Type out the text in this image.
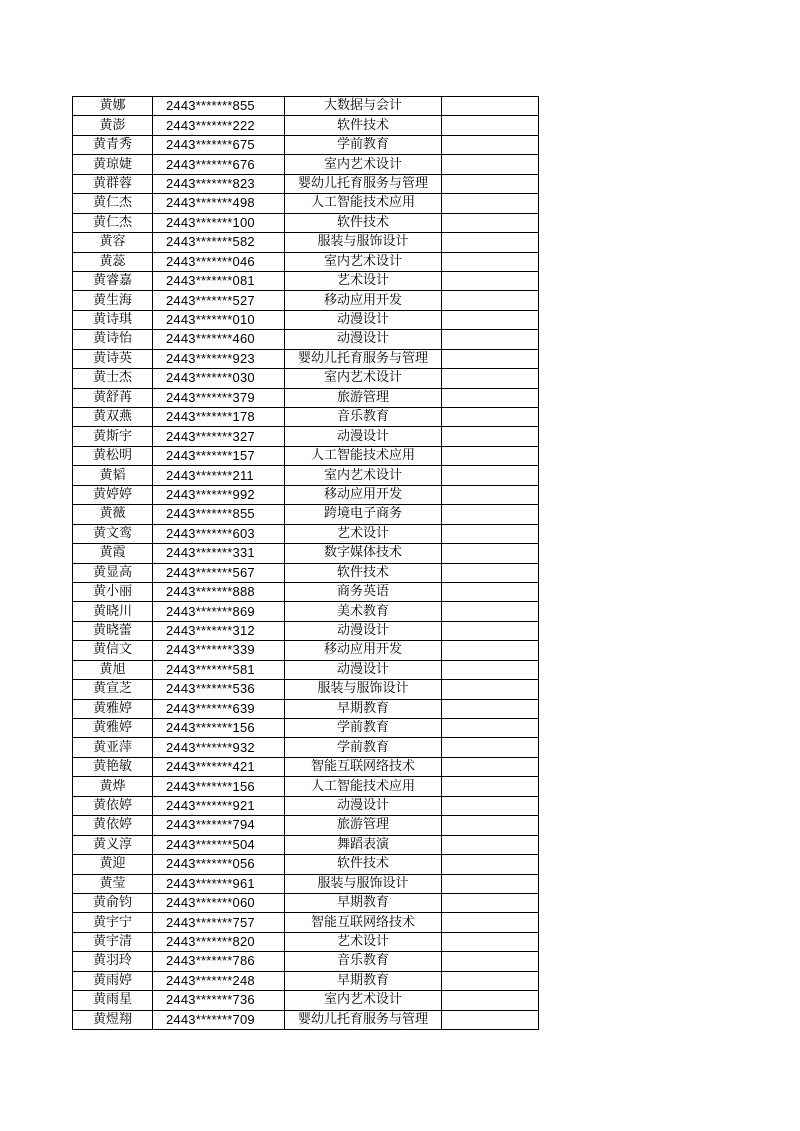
黄娜	2443*******855	大数据与会计	
黄澎	2443*******222	软件技术	
黄青秀	2443*******675	学前教育	
黄琼婕	2443*******676	室内艺术设计	
黄群蓉	2443*******823	婴幼儿托育服务与管理	
黄仁杰	2443*******498	人工智能技术应用	
黄仁杰	2443*******100	软件技术	
黄容	2443*******582	服装与服饰设计	
黄蕊	2443*******046	室内艺术设计	
黄睿嘉	2443*******081	艺术设计	
黄生海	2443*******527	移动应用开发	
黄诗琪	2443*******010	动漫设计	
黄诗怡	2443*******460	动漫设计	
黄诗英	2443*******923	婴幼儿托育服务与管理	
黄士杰	2443*******030	室内艺术设计	
黄舒苒	2443*******379	旅游管理	
黄双燕	2443*******178	音乐教育	
黄斯宇	2443*******327	动漫设计	
黄松明	2443*******157	人工智能技术应用	
黄韬	2443*******211	室内艺术设计	
黄婷婷	2443*******992	移动应用开发	
黄薇	2443*******855	跨境电子商务	
黄文鸾	2443*******603	艺术设计	
黄霞	2443*******331	数字媒体技术	
黄显高	2443*******567	软件技术	
黄小丽	2443*******888	商务英语	
黄晓川	2443*******869	美术教育	
黄晓蕾	2443*******312	动漫设计	
黄信文	2443*******339	移动应用开发	
黄旭	2443*******581	动漫设计	
黄宣芝	2443*******536	服装与服饰设计	
黄雅婷	2443*******639	早期教育	
黄雅婷	2443*******156	学前教育	
黄亚萍	2443*******932	学前教育	
黄艳敏	2443*******421	智能互联网络技术	
黄烨	2443*******156	人工智能技术应用	
黄依婷	2443*******921	动漫设计	
黄依婷	2443*******794	旅游管理	
黄义淳	2443*******504	舞蹈表演	
黄迎	2443*******056	软件技术	
黄莹	2443*******961	服装与服饰设计	
黄俞钧	2443*******060	早期教育	
黄宇宁	2443*******757	智能互联网络技术	
黄宇清	2443*******820	艺术设计	
黄羽玲	2443*******786	音乐教育	
黄雨婷	2443*******248	早期教育	
黄雨星	2443*******736	室内艺术设计	
黄煜翔	2443*******709	婴幼儿托育服务与管理	
